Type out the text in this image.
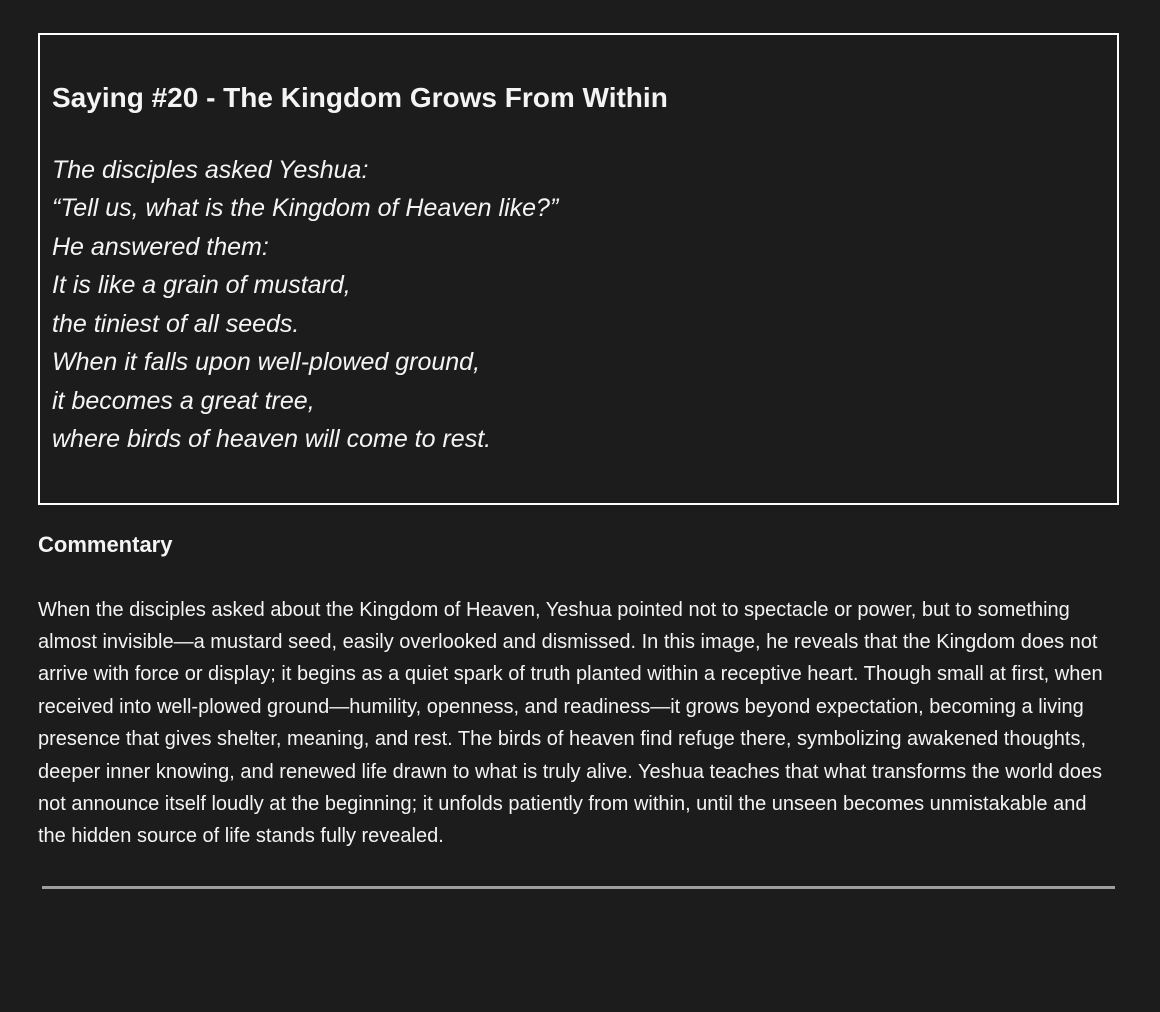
Saying #20 - The Kingdom Grows From Within
The disciples asked Yeshua:
“Tell us, what is the Kingdom of Heaven like?”
He answered them:
It is like a grain of mustard,
the tiniest of all seeds.
When it falls upon well-plowed ground,
it becomes a great tree,
where birds of heaven will come to rest.
Commentary

When the disciples asked about the Kingdom of Heaven, Yeshua pointed not to spectacle or power, but to something almost invisible—a mustard seed, easily overlooked and dismissed. In this image, he reveals that the Kingdom does not arrive with force or display; it begins as a quiet spark of truth planted within a receptive heart. Though small at first, when received into well-plowed ground—humility, openness, and readiness—it grows beyond expectation, becoming a living presence that gives shelter, meaning, and rest. The birds of heaven find refuge there, symbolizing awakened thoughts, deeper inner knowing, and renewed life drawn to what is truly alive. Yeshua teaches that what transforms the world does not announce itself loudly at the beginning; it unfolds patiently from within, until the unseen becomes unmistakable and the hidden source of life stands fully revealed.
